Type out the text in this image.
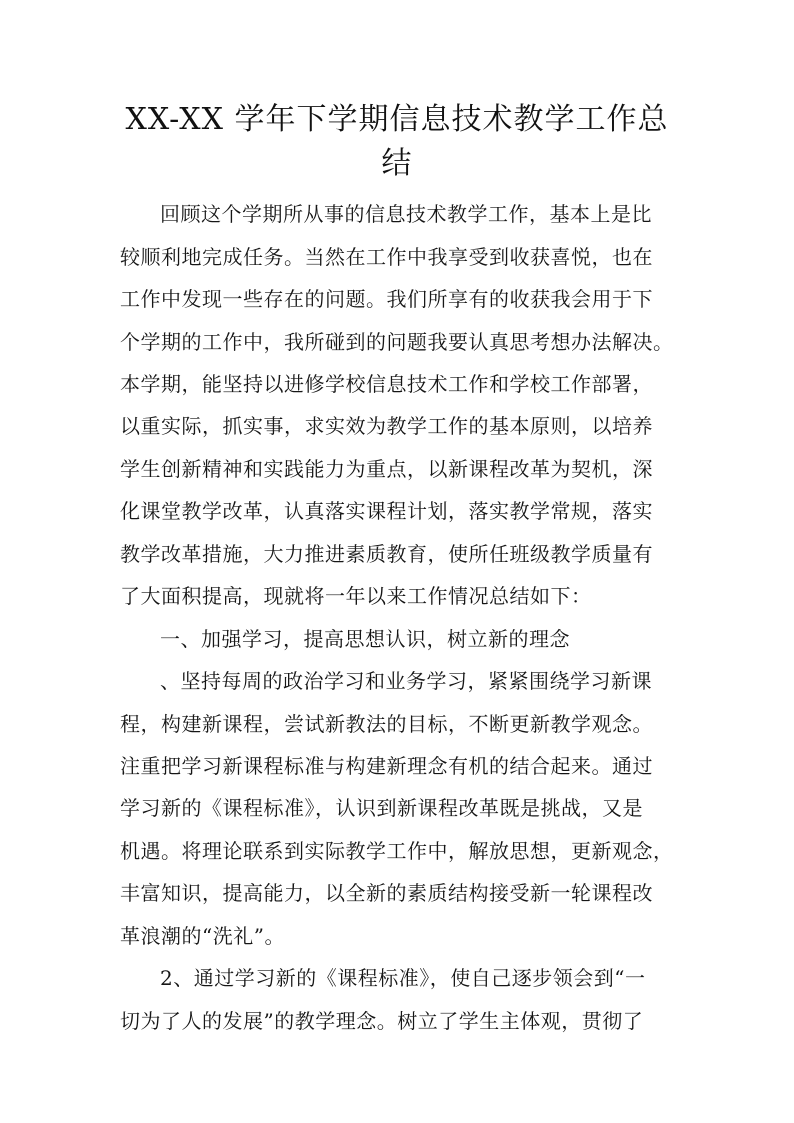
XX-XX 学年下学期信息技术教学工作总
结
回顾这个学期所从事的信息技术教学工作，基本上是比
较顺利地完成任务。当然在工作中我享受到收获喜悦，也在
工作中发现一些存在的问题。我们所享有的收获我会用于下
个学期的工作中，我所碰到的问题我要认真思考想办法解决。
本学期，能坚持以进修学校信息技术工作和学校工作部署，
以重实际，抓实事，求实效为教学工作的基本原则，以培养
学生创新精神和实践能力为重点，以新课程改革为契机，深
化课堂教学改革，认真落实课程计划，落实教学常规，落实
教学改革措施，大力推进素质教育，使所任班级教学质量有
了大面积提高，现就将一年以来工作情况总结如下：
一、加强学习，提高思想认识，树立新的理念
、坚持每周的政治学习和业务学习，紧紧围绕学习新课
程，构建新课程，尝试新教法的目标，不断更新教学观念。
注重把学习新课程标准与构建新理念有机的结合起来。通过
学习新的《课程标准》，认识到新课程改革既是挑战，又是
机遇。将理论联系到实际教学工作中，解放思想，更新观念，
丰富知识，提高能力，以全新的素质结构接受新一轮课程改
革浪潮的“洗礼”。
2、通过学习新的《课程标准》，使自己逐步领会到“一
切为了人的发展”的教学理念。树立了学生主体观，贯彻了
